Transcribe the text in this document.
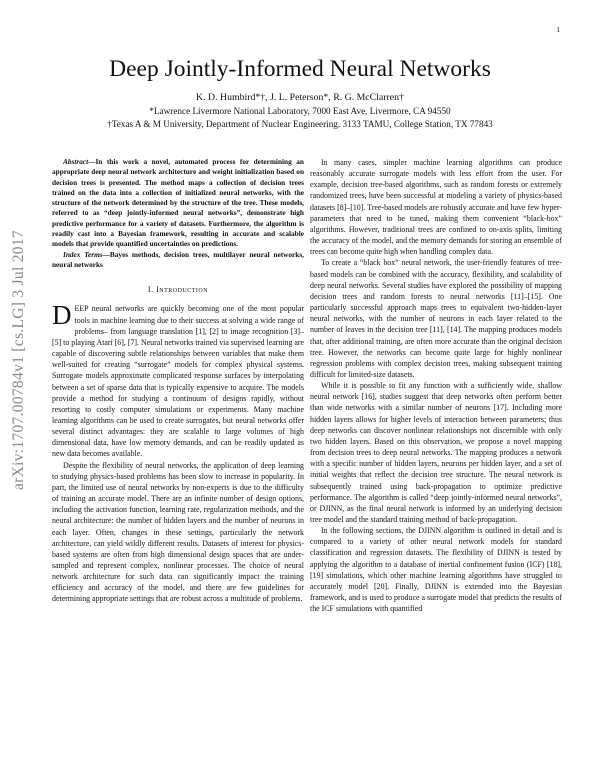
1
arXiv:1707.00784v1 [cs.LG] 3 Jul 2017
Deep Jointly-Informed Neural Networks
K. D. Humbird*†, J. L. Peterson*, R. G. McClarren†
*Lawrence Livermore National Laboratory, 7000 East Ave, Livermore, CA 94550
†Texas A & M University, Department of Nuclear Engineering. 3133 TAMU, College Station, TX 77843

Abstract—In this work a novel, automated process for determining an appropriate deep neural network architecture and weight initialization based on decision trees is presented. The method maps a collection of decision trees trained on the data into a collection of initialized neural networks, with the structure of the network determined by the structure of the tree. These models, referred to as “deep jointly-informed neural networks”, demonstrate high predictive performance for a variety of datasets. Furthermore, the algorithm is readily cast into a Bayesian framework, resulting in accurate and scalable models that provide quantified uncertainties on predictions.

Index Terms—Bayes methods, decision trees, multilayer neural networks, neural networks

I. Introduction

DEEP neural networks are quickly becoming one of the most popular tools in machine learning due to their success at solving a wide range of problems– from language translation [1], [2] to image recognition [3]–[5] to playing Atari [6], [7]. Neural networks trained via supervised learning are capable of discovering subtle relationships between variables that make them well-suited for creating “surrogate” models for complex physical systems. Surrogate models approximate complicated response surfaces by interpolating between a set of sparse data that is typically expensive to acquire. The models provide a method for studying a continuum of designs rapidly, without resorting to costly computer simulations or experiments. Many machine learning algorithms can be used to create surrogates, but neural networks offer several distinct advantages: they are scalable to large volumes of high dimensional data, have low memory demands, and can be readily updated as new data becomes available.

Despite the flexibility of neural networks, the application of deep learning to studying physics-based problems has been slow to increase in popularity. In part, the limited use of neural networks by non-experts is due to the difficulty of training an accurate model. There are an infinite number of design options, including the activation function, learning rate, regularization methods, and the neural architecture: the number of hidden layers and the number of neurons in each layer. Often, changes in these settings, particularly the network architecture, can yield wildly different results. Datasets of interest for physics-based systems are often from high dimensional design spaces that are under-sampled and represent complex, nonlinear processes. The choice of neural network architecture for such data can significantly impact the training efficiency and accuracy of the model, and there are few guidelines for determining appropriate settings that are robust across a multitude of problems.

In many cases, simpler machine learning algorithms can produce reasonably accurate surrogate models with less effort from the user. For example, decision tree-based algorithms, such as random forests or extremely randomized trees, have been successful at modeling a variety of physics-based datasets [8]–[10]. Tree-based models are robustly accurate and have few hyper-parameters that need to be tuned, making them convenient “black-box” algorithms. However, traditional trees are confined to on-axis splits, limiting the accuracy of the model, and the memory demands for storing an ensemble of trees can become quite high when handling complex data.

To create a “black box” neural network, the user-friendly features of tree-based models can be combined with the accuracy, flexibility, and scalability of deep neural networks. Several studies have explored the possibility of mapping decision trees and random forests to neural networks [11]–[15]. One particularly successful approach maps trees to equivalent two-hidden-layer neural networks, with the number of neurons in each layer related to the number of leaves in the decision tree [11], [14]. The mapping produces models that, after additional training, are often more accurate than the original decision tree. However, the networks can become quite large for highly nonlinear regression problems with complex decision trees, making subsequent training difficult for limited-size datasets.

While it is possible to fit any function with a sufficiently wide, shallow neural network [16], studies suggest that deep networks often perform better than wide networks with a similar number of neurons [17]. Including more hidden layers allows for higher levels of interaction between parameters; thus deep networks can discover nonlinear relationships not discernible with only two hidden layers. Based on this observation, we propose a novel mapping from decision trees to deep neural networks. The mapping produces a network with a specific number of hidden layers, neurons per hidden layer, and a set of initial weights that reflect the decision tree structure. The neural network is subsequently trained using back-propagation to optimize predictive performance. The algorithm is called “deep jointly-informed neural networks”, or DJINN, as the final neural network is informed by an underlying decision tree model and the standard training method of back-propagation.

In the following sections, the DJINN algorithm is outlined in detail and is compared to a variety of other neural network models for standard classification and regression datasets. The flexibility of DJINN is tested by applying the algorithm to a database of inertial confinement fusion (ICF) [18], [19] simulations, which other machine learning algorithms have struggled to accurately model [20]. Finally, DJINN is extended into the Bayesian framework, and is used to produce a surrogate model that predicts the results of the ICF simulations with quantified
